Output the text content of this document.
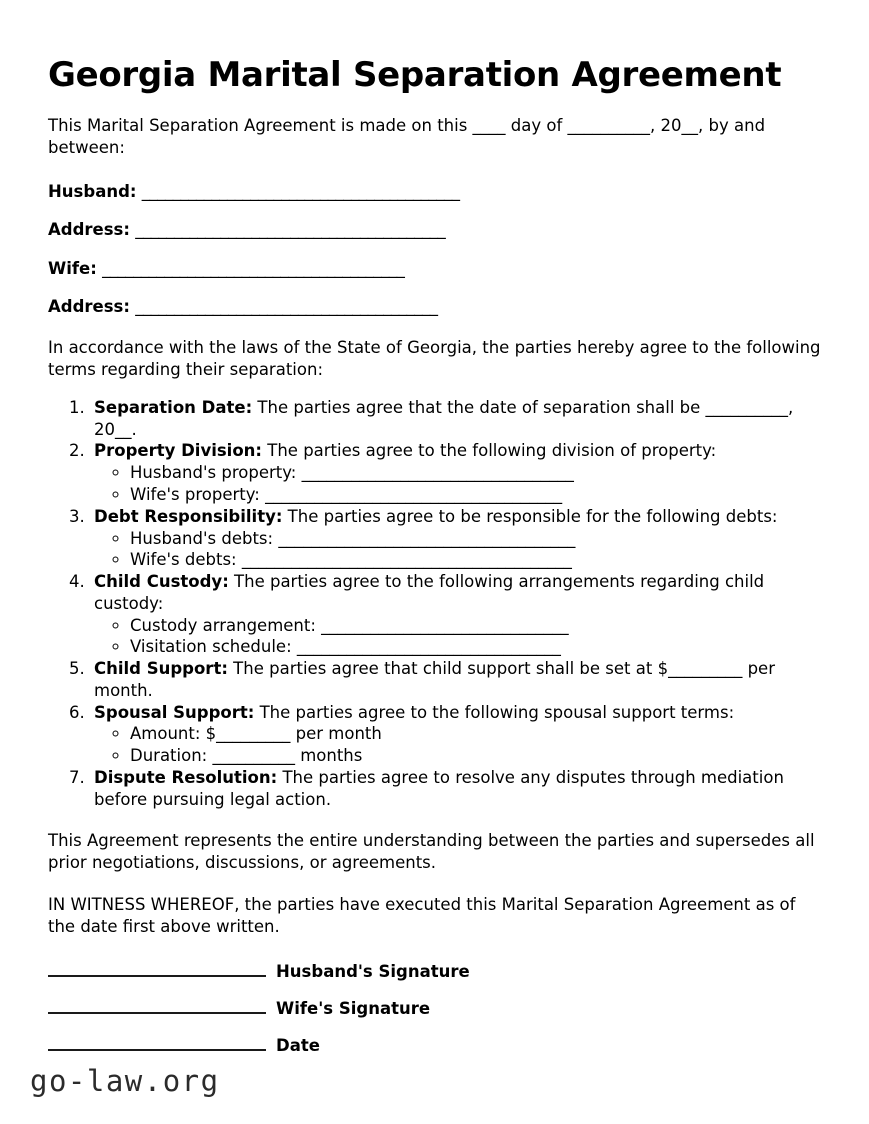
Georgia Marital Separation Agreement

This Marital Separation Agreement is made on this ____ day of __________, 20__, by and between:

Husband: _________________________________________
Address: ________________________________________
Wife: _______________________________________
Address: _______________________________________

In accordance with the laws of the State of Georgia, the parties hereby agree to the following terms regarding their separation:

1. Separation Date: The parties agree that the date of separation shall be __________, 20__.
2. Property Division: The parties agree to the following division of property:
◦ Husband's property: _________________________________
◦ Wife's property: ____________________________________
3. Debt Responsibility: The parties agree to be responsible for the following debts:
◦ Husband's debts: ____________________________________
◦ Wife's debts: ________________________________________
4. Child Custody: The parties agree to the following arrangements regarding child custody:
◦ Custody arrangement: ______________________________
◦ Visitation schedule: ________________________________
5. Child Support: The parties agree that child support shall be set at $_________ per month.
6. Spousal Support: The parties agree to the following spousal support terms:
◦ Amount: $_________ per month
◦ Duration: __________ months
7. Dispute Resolution: The parties agree to resolve any disputes through mediation before pursuing legal action.

This Agreement represents the entire understanding between the parties and supersedes all prior negotiations, discussions, or agreements.

IN WITNESS WHEREOF, the parties have executed this Marital Separation Agreement as of the date first above written.

Husband's Signature
Wife's Signature
Date
go-law.org
